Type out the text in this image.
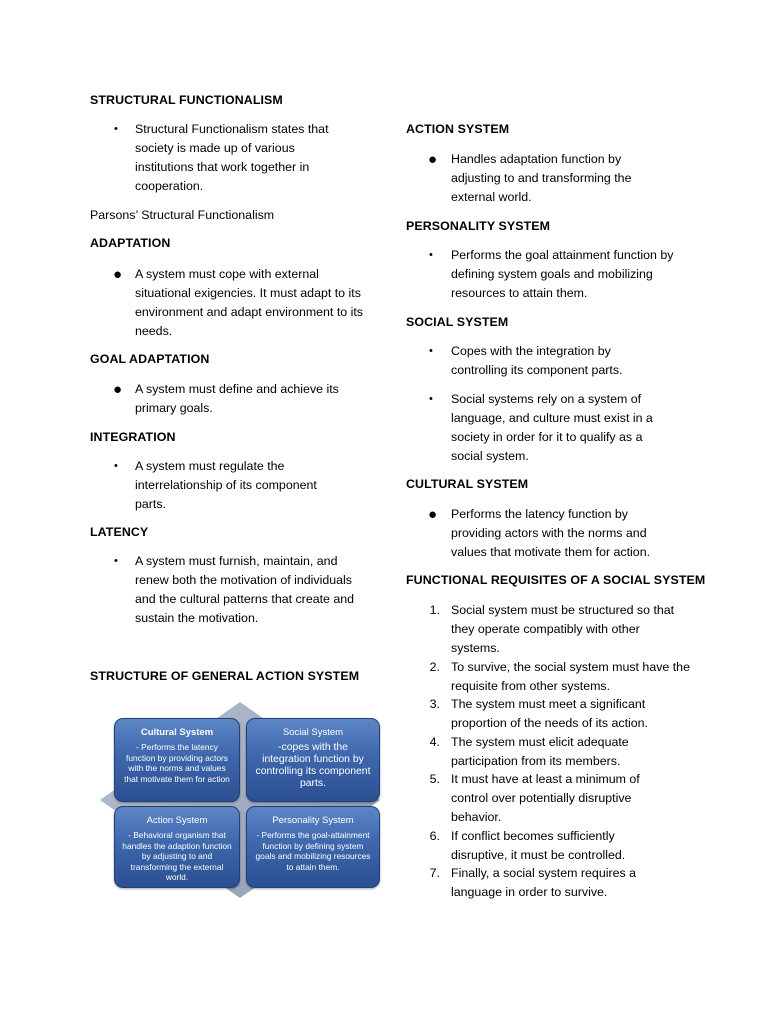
STRUCTURAL FUNCTIONALISM
• Structural Functionalism states that society is made up of various institutions that work together in cooperation.
Parsons’ Structural Functionalism
ADAPTATION
● A system must cope with external situational exigencies. It must adapt to its environment and adapt environment to its needs.
GOAL ADAPTATION
● A system must define and achieve its primary goals.
INTEGRATION
• A system must regulate the interrelationship of its component parts.
LATENCY
• A system must furnish, maintain, and renew both the motivation of individuals and the cultural patterns that create and sustain the motivation.
STRUCTURE OF GENERAL ACTION SYSTEM
Cultural System
- Performs the latency function by providing actors with the norms and values that motivate them for action
Social System
-copes with the integration function by controlling its component parts.
Action System
- Behavioral organism that handles the adaption function by adjusting to and transforming the external world.
Personality System
- Performs the goal-attainment function by defining system goals and mobilizing resources to attain them.
ACTION SYSTEM
● Handles adaptation function by adjusting to and transforming the external world.
PERSONALITY SYSTEM
• Performs the goal attainment function by defining system goals and mobilizing resources to attain them.
SOCIAL SYSTEM
• Copes with the integration by controlling its component parts.
• Social systems rely on a system of language, and culture must exist in a society in order for it to qualify as a social system.
CULTURAL SYSTEM
● Performs the latency function by providing actors with the norms and values that motivate them for action.
FUNCTIONAL REQUISITES OF A SOCIAL SYSTEM
1. Social system must be structured so that they operate compatibly with other systems.
2. To survive, the social system must have the requisite from other systems.
3. The system must meet a significant proportion of the needs of its action.
4. The system must elicit adequate participation from its members.
5. It must have at least a minimum of control over potentially disruptive behavior.
6. If conflict becomes sufficiently disruptive, it must be controlled.
7. Finally, a social system requires a language in order to survive.
